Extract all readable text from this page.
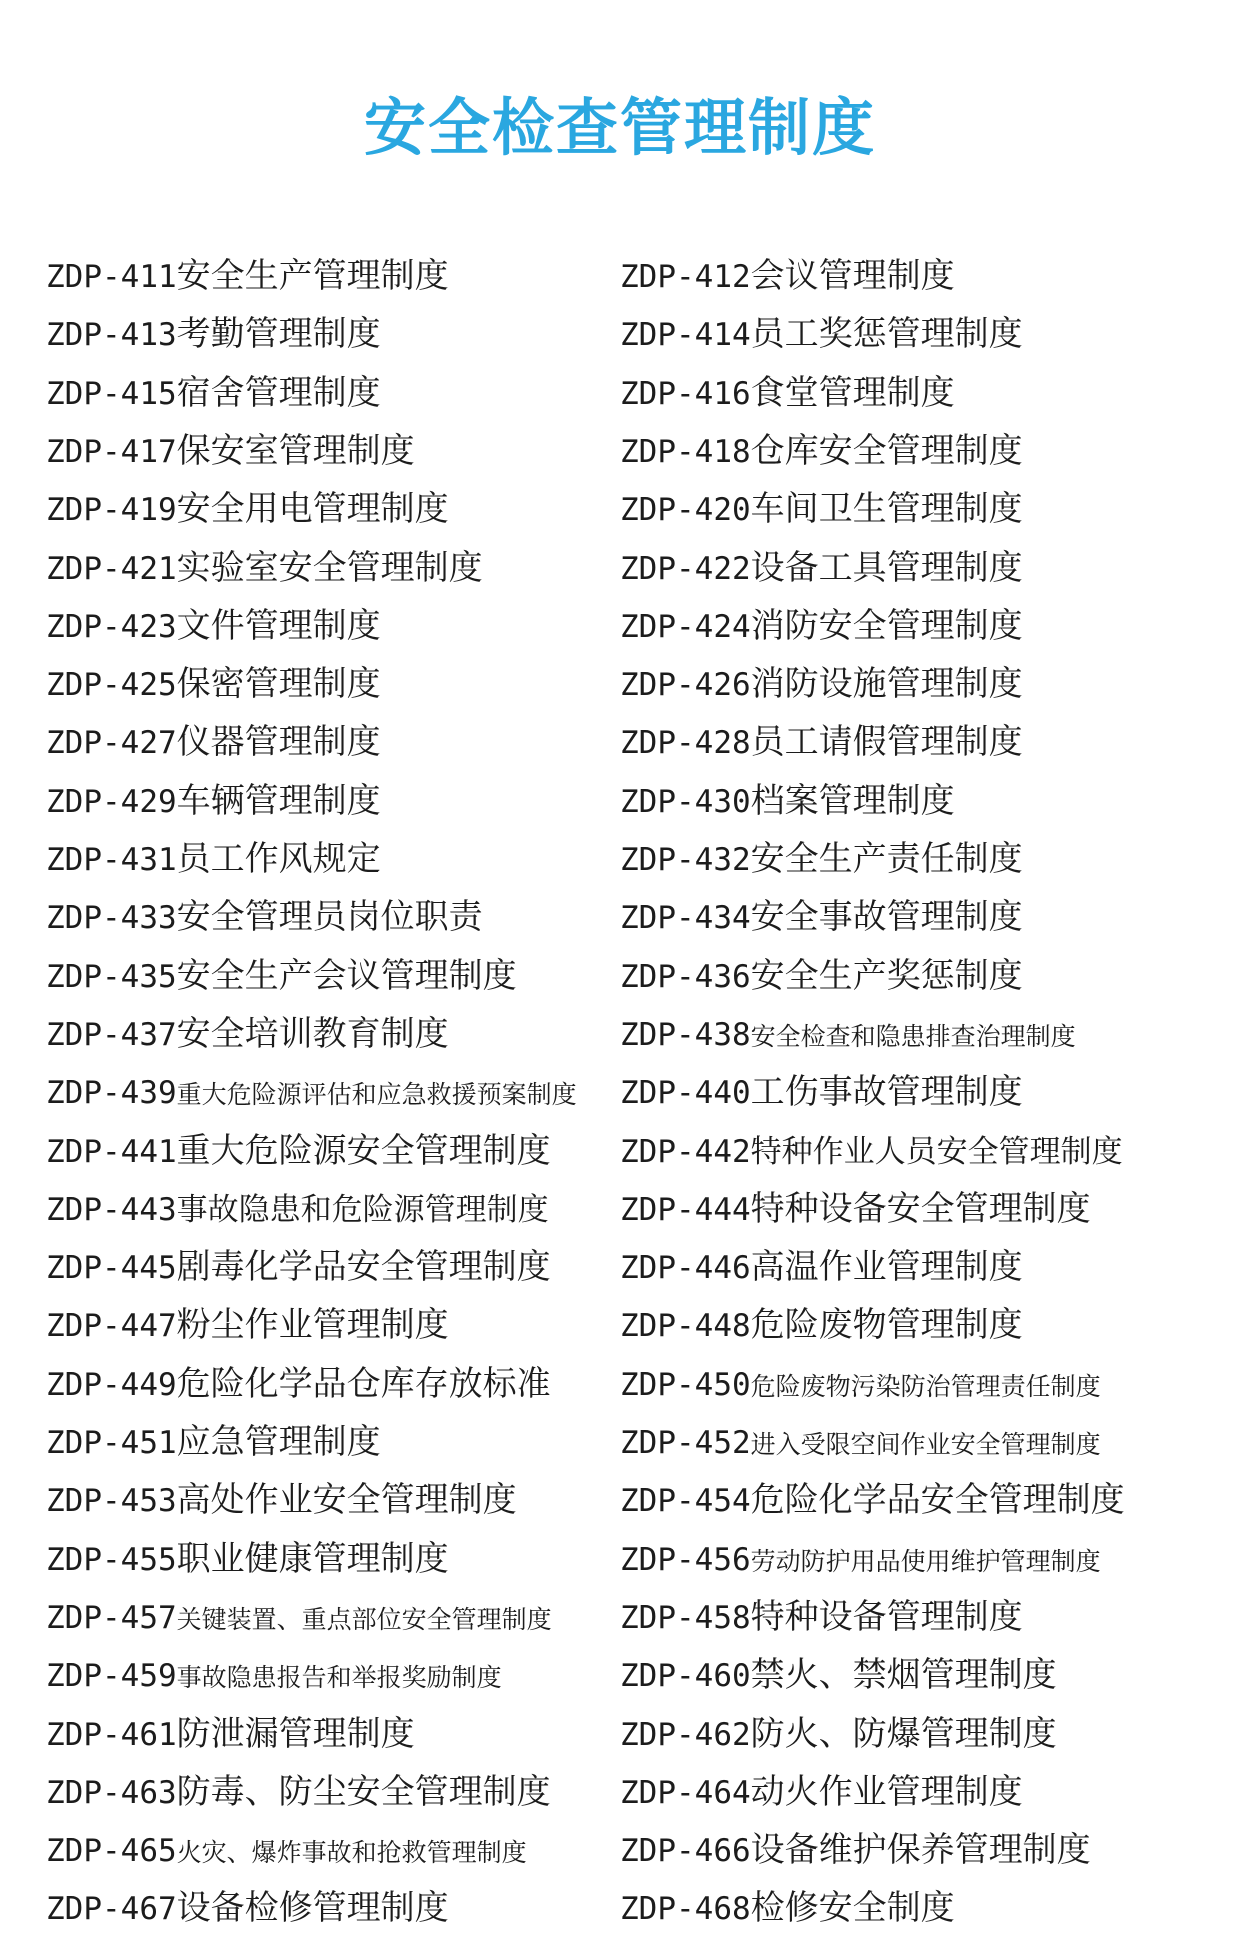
安全检查管理制度
ZDP-411安全生产管理制度	ZDP-412会议管理制度
ZDP-413考勤管理制度	ZDP-414员工奖惩管理制度
ZDP-415宿舍管理制度	ZDP-416食堂管理制度
ZDP-417保安室管理制度	ZDP-418仓库安全管理制度
ZDP-419安全用电管理制度	ZDP-420车间卫生管理制度
ZDP-421实验室安全管理制度	ZDP-422设备工具管理制度
ZDP-423文件管理制度	ZDP-424消防安全管理制度
ZDP-425保密管理制度	ZDP-426消防设施管理制度
ZDP-427仪器管理制度	ZDP-428员工请假管理制度
ZDP-429车辆管理制度	ZDP-430档案管理制度
ZDP-431员工作风规定	ZDP-432安全生产责任制度
ZDP-433安全管理员岗位职责	ZDP-434安全事故管理制度
ZDP-435安全生产会议管理制度	ZDP-436安全生产奖惩制度
ZDP-437安全培训教育制度	ZDP-438安全检查和隐患排查治理制度
ZDP-439重大危险源评估和应急救援预案制度 ZDP-440工伤事故管理制度
ZDP-441重大危险源安全管理制度 ZDP-442特种作业人员安全管理制度
ZDP-443事故隐患和危险源管理制度 ZDP-444特种设备安全管理制度
ZDP-445剧毒化学品安全管理制度 ZDP-446高温作业管理制度
ZDP-447粉尘作业管理制度	ZDP-448危险废物管理制度
ZDP-449危险化学品仓库存放标准 ZDP-450危险废物污染防治管理责任制度
ZDP-451应急管理制度	ZDP-452进入受限空间作业安全管理制度
ZDP-453高处作业安全管理制度	ZDP-454危险化学品安全管理制度
ZDP-455职业健康管理制度	ZDP-456劳动防护用品使用维护管理制度
ZDP-457关键装置、重点部位安全管理制度 ZDP-458特种设备管理制度
ZDP-459事故隐患报告和举报奖励制度	ZDP-460禁火、禁烟管理制度
ZDP-461防泄漏管理制度	ZDP-462防火、防爆管理制度
ZDP-463防毒、防尘安全管理制度 ZDP-464动火作业管理制度
ZDP-465火灾、爆炸事故和抢救管理制度	ZDP-466设备维护保养管理制度
ZDP-467设备检修管理制度	ZDP-468检修安全制度
